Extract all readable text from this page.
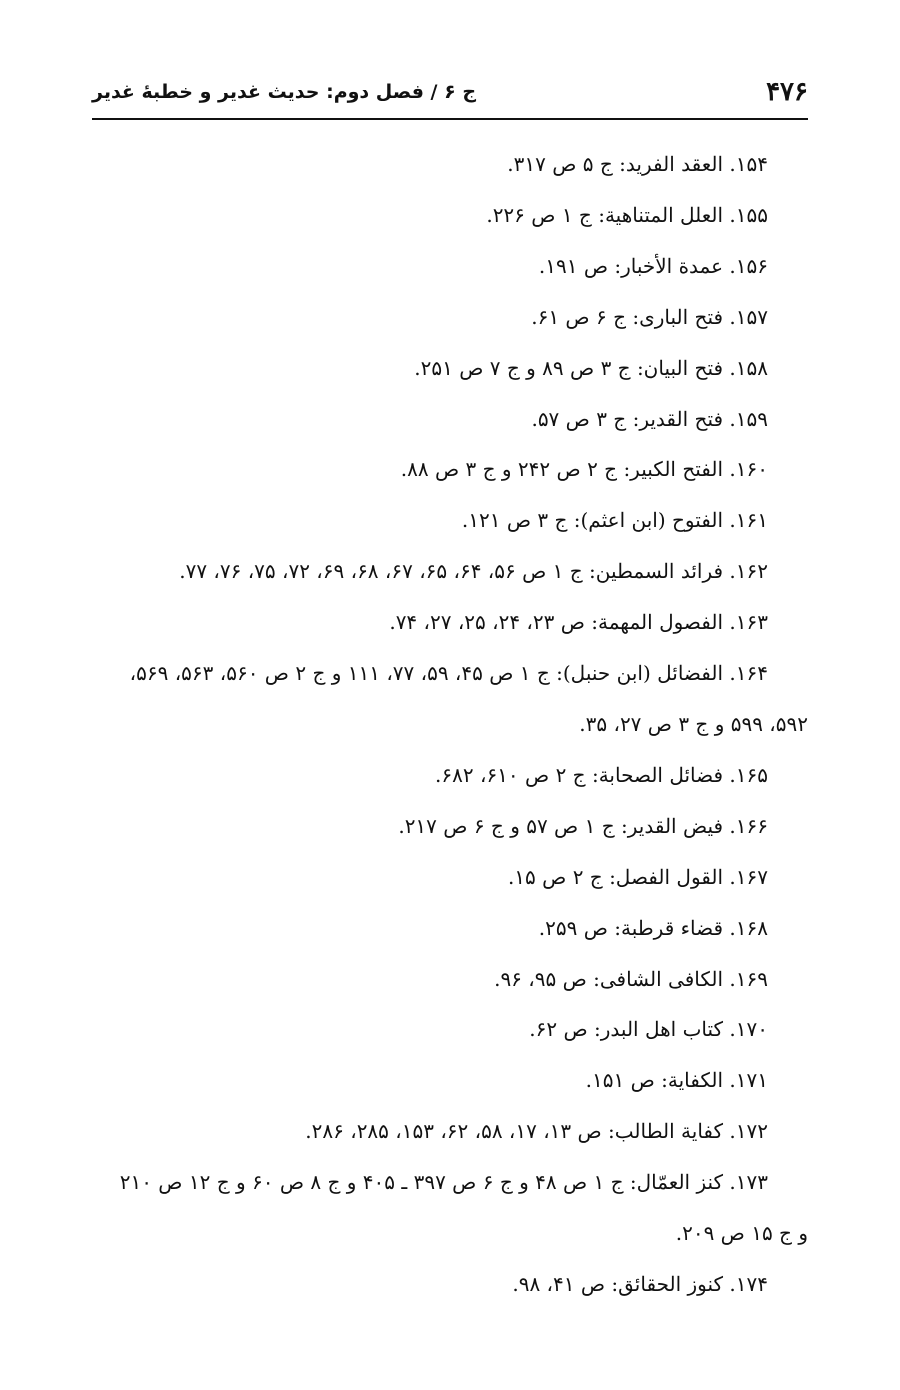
۴۷۶
ج ۶ / فصل دوم: حدیث غدیر و خطبهٔ غدیر
۱۵۴. العقد الفرید: ج ۵ ص ۳۱۷.
۱۵۵. العلل المتناهیة: ج ۱ ص ۲۲۶.
۱۵۶. عمدة الأخبار: ص ۱۹۱.
۱۵۷. فتح الباری: ج ۶ ص ۶۱.
۱۵۸. فتح البیان: ج ۳ ص ۸۹ و ج ۷ ص ۲۵۱.
۱۵۹. فتح القدیر: ج ۳ ص ۵۷.
۱۶۰. الفتح الکبیر: ج ۲ ص ۲۴۲ و ج ۳ ص ۸۸.
۱۶۱. الفتوح (ابن اعثم): ج ۳ ص ۱۲۱.
۱۶۲. فرائد السمطین: ج ۱ ص ۵۶، ۶۴، ۶۵، ۶۷، ۶۸، ۶۹، ۷۲، ۷۵، ۷۶، ۷۷.
۱۶۳. الفصول المهمة: ص ۲۳، ۲۴، ۲۵، ۲۷، ۷۴.
۱۶۴. الفضائل (ابن حنبل): ج ۱ ص ۴۵، ۵۹، ۷۷، ۱۱۱ و ج ۲ ص ۵۶۰، ۵۶۳، ۵۶۹،
۵۹۲، ۵۹۹ و ج ۳ ص ۲۷، ۳۵.
۱۶۵. فضائل الصحابة: ج ۲ ص ۶۱۰، ۶۸۲.
۱۶۶. فیض القدیر: ج ۱ ص ۵۷ و ج ۶ ص ۲۱۷.
۱۶۷. القول الفصل: ج ۲ ص ۱۵.
۱۶۸. قضاء قرطبة: ص ۲۵۹.
۱۶۹. الکافی الشافی: ص ۹۵، ۹۶.
۱۷۰. کتاب اهل البدر: ص ۶۲.
۱۷۱. الکفایة: ص ۱۵۱.
۱۷۲. کفایة الطالب: ص ۱۳، ۱۷، ۵۸، ۶۲، ۱۵۳، ۲۸۵، ۲۸۶.
۱۷۳. کنز العمّال: ج ۱ ص ۴۸ و ج ۶ ص ۳۹۷ ـ ۴۰۵ و ج ۸ ص ۶۰ و ج ۱۲ ص ۲۱۰
و ج ۱۵ ص ۲۰۹.
۱۷۴. کنوز الحقائق: ص ۴۱، ۹۸.
